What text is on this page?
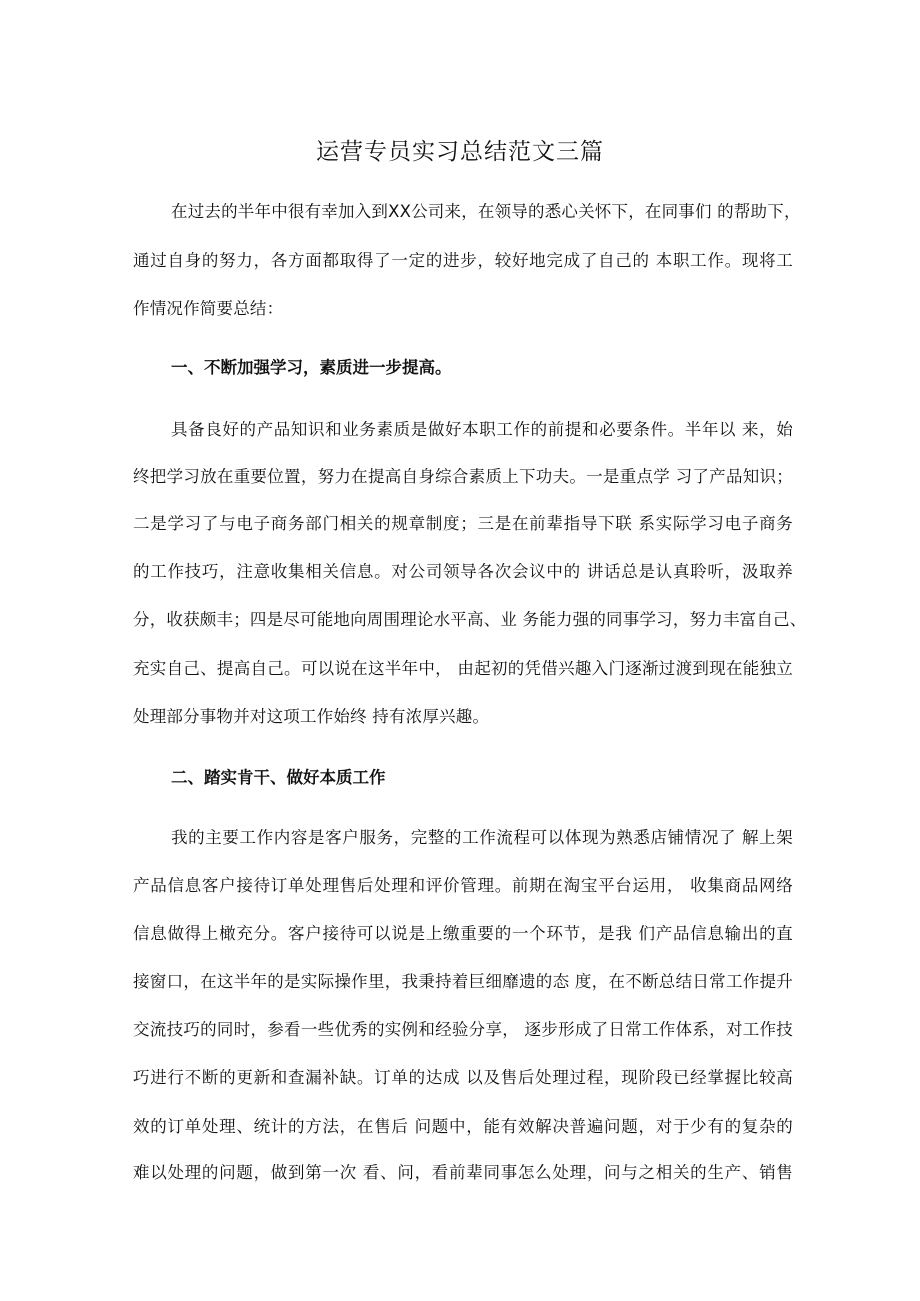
运营专员实习总结范文三篇
在过去的半年中很有幸加入到XX公司来，在领导的悉心关怀下，在同事们 的帮助下，
通过自身的努力，各方面都取得了一定的进步，较好地完成了自己的 本职工作。现将工
作情况作简要总结：
一、不断加强学习，素质进一步提高。
具备良好的产品知识和业务素质是做好本职工作的前提和必要条件。半年以 来，始
终把学习放在重要位置，努力在提高自身综合素质上下功夫。一是重点学 习了产品知识；
二是学习了与电子商务部门相关的规章制度；三是在前辈指导下联 系实际学习电子商务
的工作技巧，注意收集相关信息。对公司领导各次会议中的 讲话总是认真聆听，汲取养
分，收获颇丰；四是尽可能地向周围理论水平高、业 务能力强的同事学习，努力丰富自己、
充实自己、提高自己。可以说在这半年中， 由起初的凭借兴趣入门逐渐过渡到现在能独立
处理部分事物并对这项工作始终 持有浓厚兴趣。
二、踏实肯干、做好本质工作
我的主要工作内容是客户服务，完整的工作流程可以体现为熟悉店铺情况了 解上架
产品信息客户接待订单处理售后处理和评价管理。前期在淘宝平台运用， 收集商品网络
信息做得上橄充分。客户接待可以说是上缴重要的一个环节，是我 们产品信息输出的直
接窗口，在这半年的是实际操作里，我秉持着巨细靡遗的态 度，在不断总结日常工作提升
交流技巧的同时，参看一些优秀的实例和经验分享， 逐步形成了日常工作体系，对工作技
巧进行不断的更新和查漏补缺。订单的达成 以及售后处理过程，现阶段已经掌握比较高
效的订单处理、统计的方法，在售后 问题中，能有效解决普遍问题，对于少有的复杂的
难以处理的问题，做到第一次 看、问，看前辈同事怎么处理，问与之相关的生产、销售
